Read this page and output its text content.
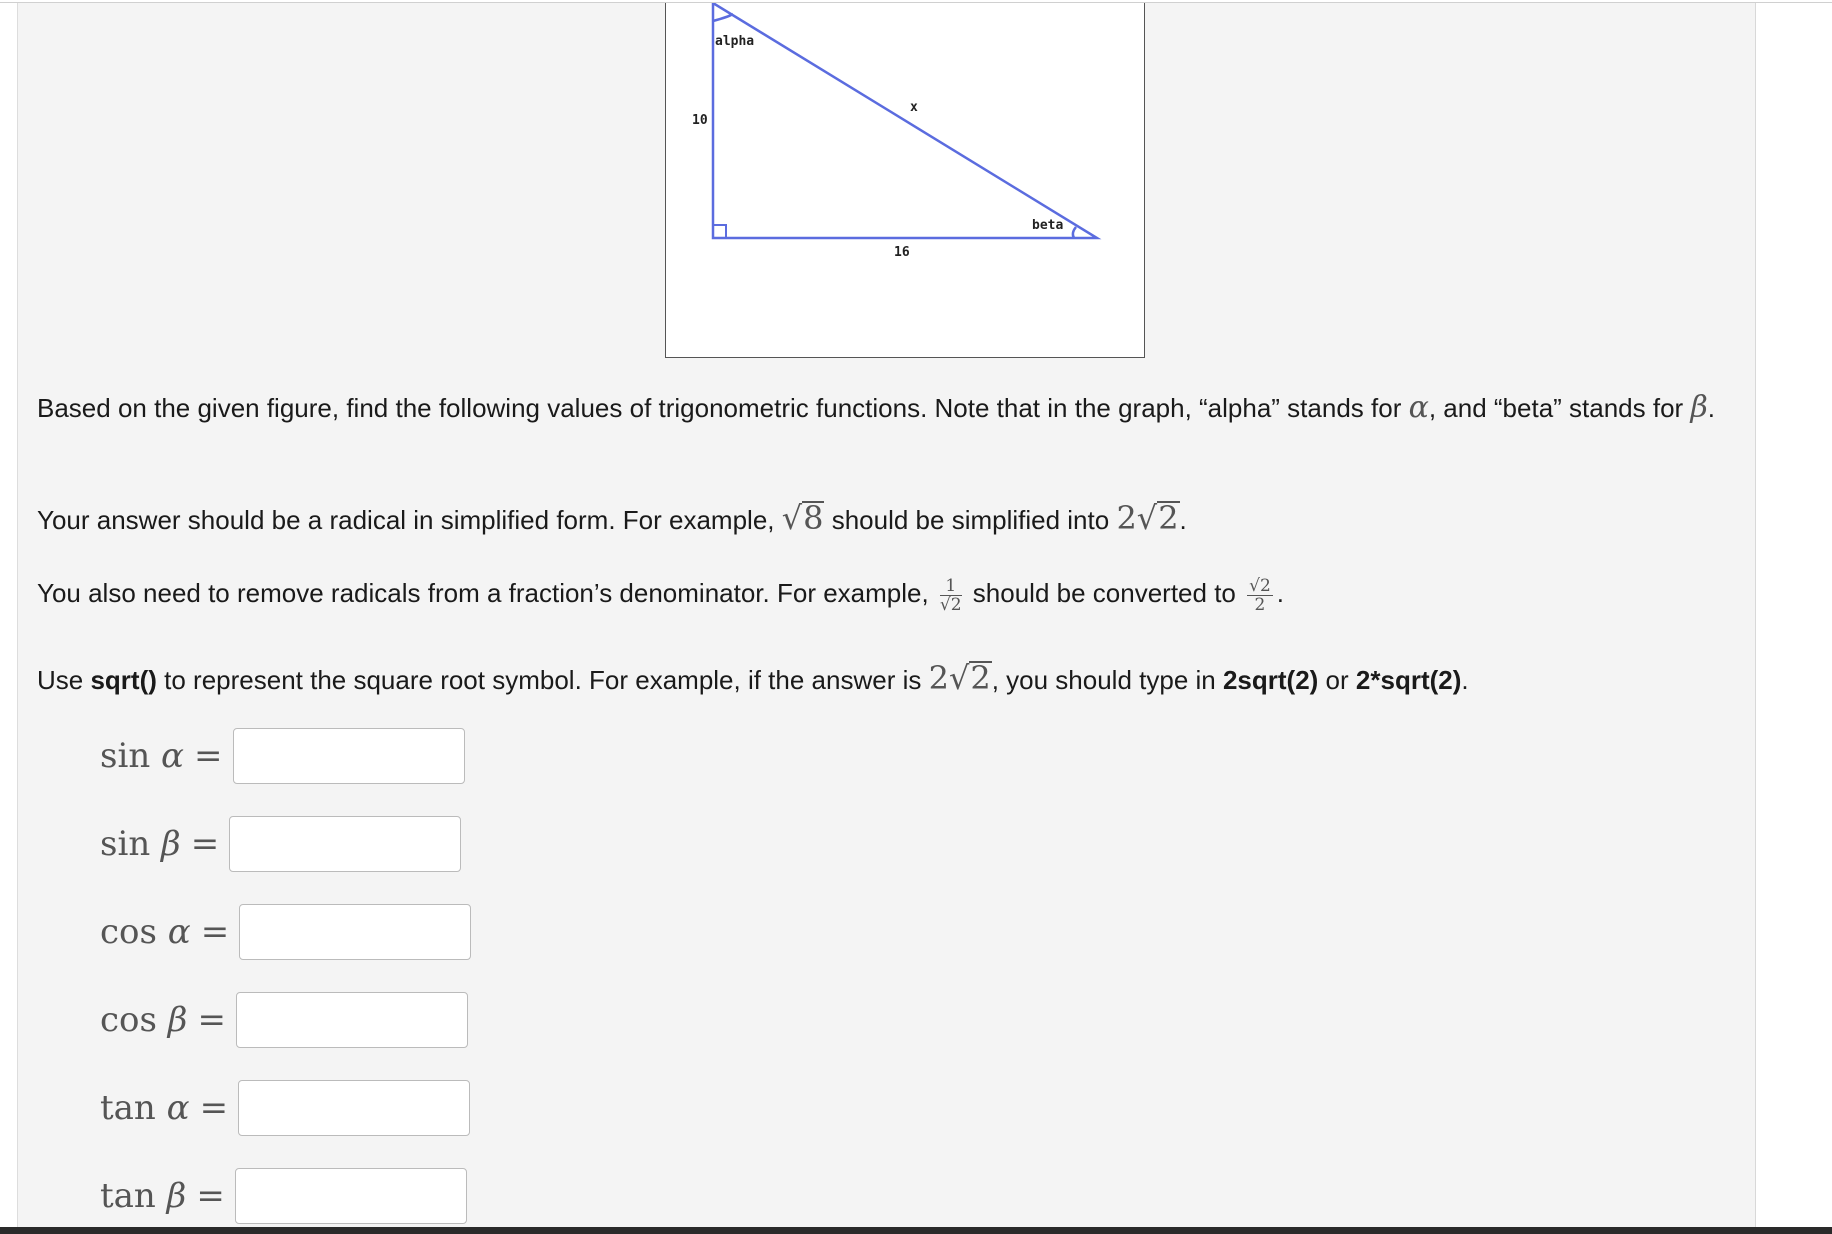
alpha
x
10
beta
16
Based on the given figure, find the following values of trigonometric functions. Note that in the graph, “alpha” stands for α, and “beta” stands for β.
Your answer should be a radical in simplified form. For example, √8 should be simplified into 2√2.
You also need to remove radicals from a fraction’s denominator. For example, $\frac{1}{√2}$ should be converted to $\frac{√2}{2}$ .
Use sqrt() to represent the square root symbol. For example, if the answer is 2√2, you should type in 2sqrt(2) or 2*sqrt(2).
sin α =
sin β =
cos α =
cos β =
tan α =
tan β =
